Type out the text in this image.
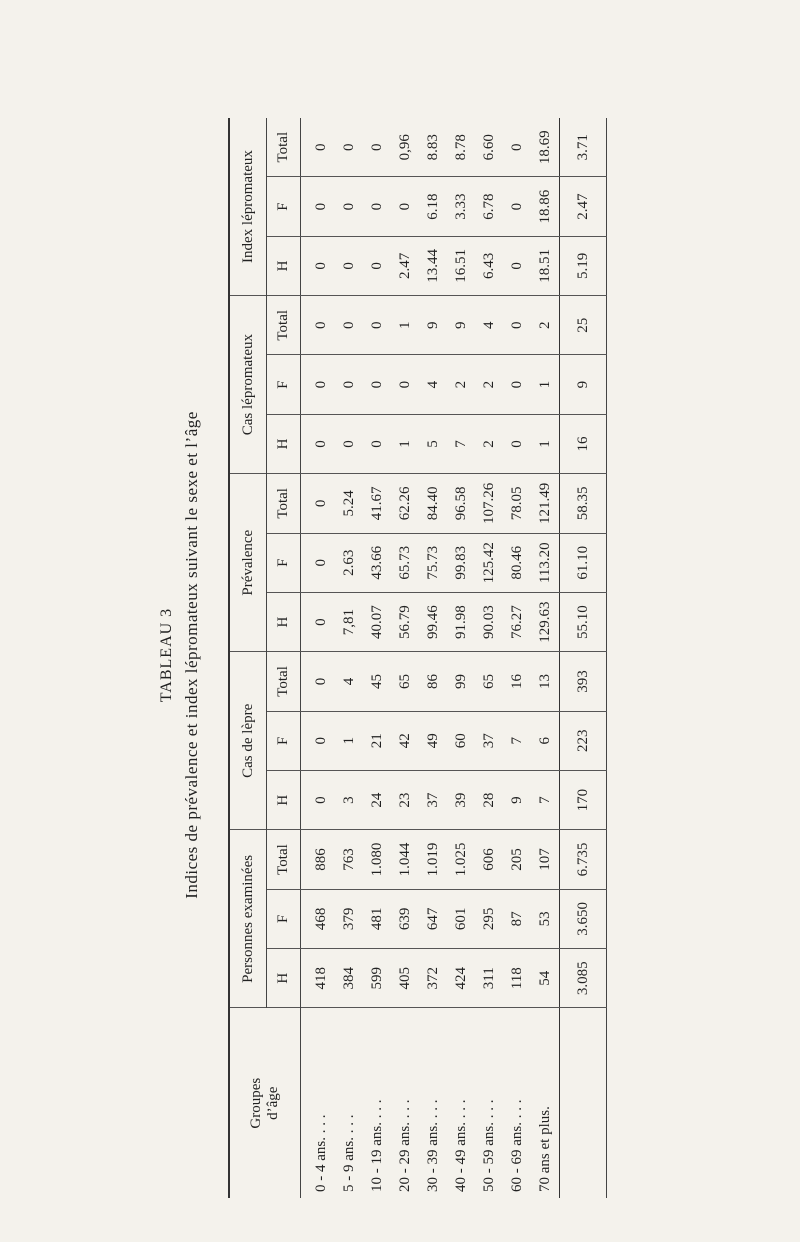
TABLEAU 3 Indices de prévalence et index lépromateux suivant le sexe et l’âge
Groupes
d’âge	Personnes examinées			Cas de lèpre			Prévalence			Cas lépromateux			Index lépromateux		
	H	F	Total	H	F	Total	H	F	Total	H	F	Total	H	F	Total
0 - 4 ans. . . .	418	468	886	0	0	0	0	0	0	0	0	0	0	0	0
5 - 9 ans. . . .	384	379	763	3	1	4	7,81	2.63	5.24	0	0	0	0	0	0
10 - 19 ans. . . .	599	481	1.080	24	21	45	40.07	43.66	41.67	0	0	0	0	0	0
20 - 29 ans. . . .	405	639	1.044	23	42	65	56.79	65.73	62.26	1	0	1	2.47	0	0,96
30 - 39 ans. . . .	372	647	1.019	37	49	86	99.46	75.73	84.40	5	4	9	13.44	6.18	8.83
40 - 49 ans. . . .	424	601	1.025	39	60	99	91.98	99.83	96.58	7	2	9	16.51	3.33	8.78
50 - 59 ans. . . .	311	295	606	28	37	65	90.03	125.42	107.26	2	2	4	6.43	6.78	6.60
60 - 69 ans. . . .	118	87	205	9	7	16	76.27	80.46	78.05	0	0	0	0	0	0
70 ans et plus.	54	53	107	7	6	13	129.63	113.20	121.49	1	1	2	18.51	18.86	18.69
	3.085	3.650	6.735	170	223	393	55.10	61.10	58.35	16	9	25	5.19	2.47	3.71
